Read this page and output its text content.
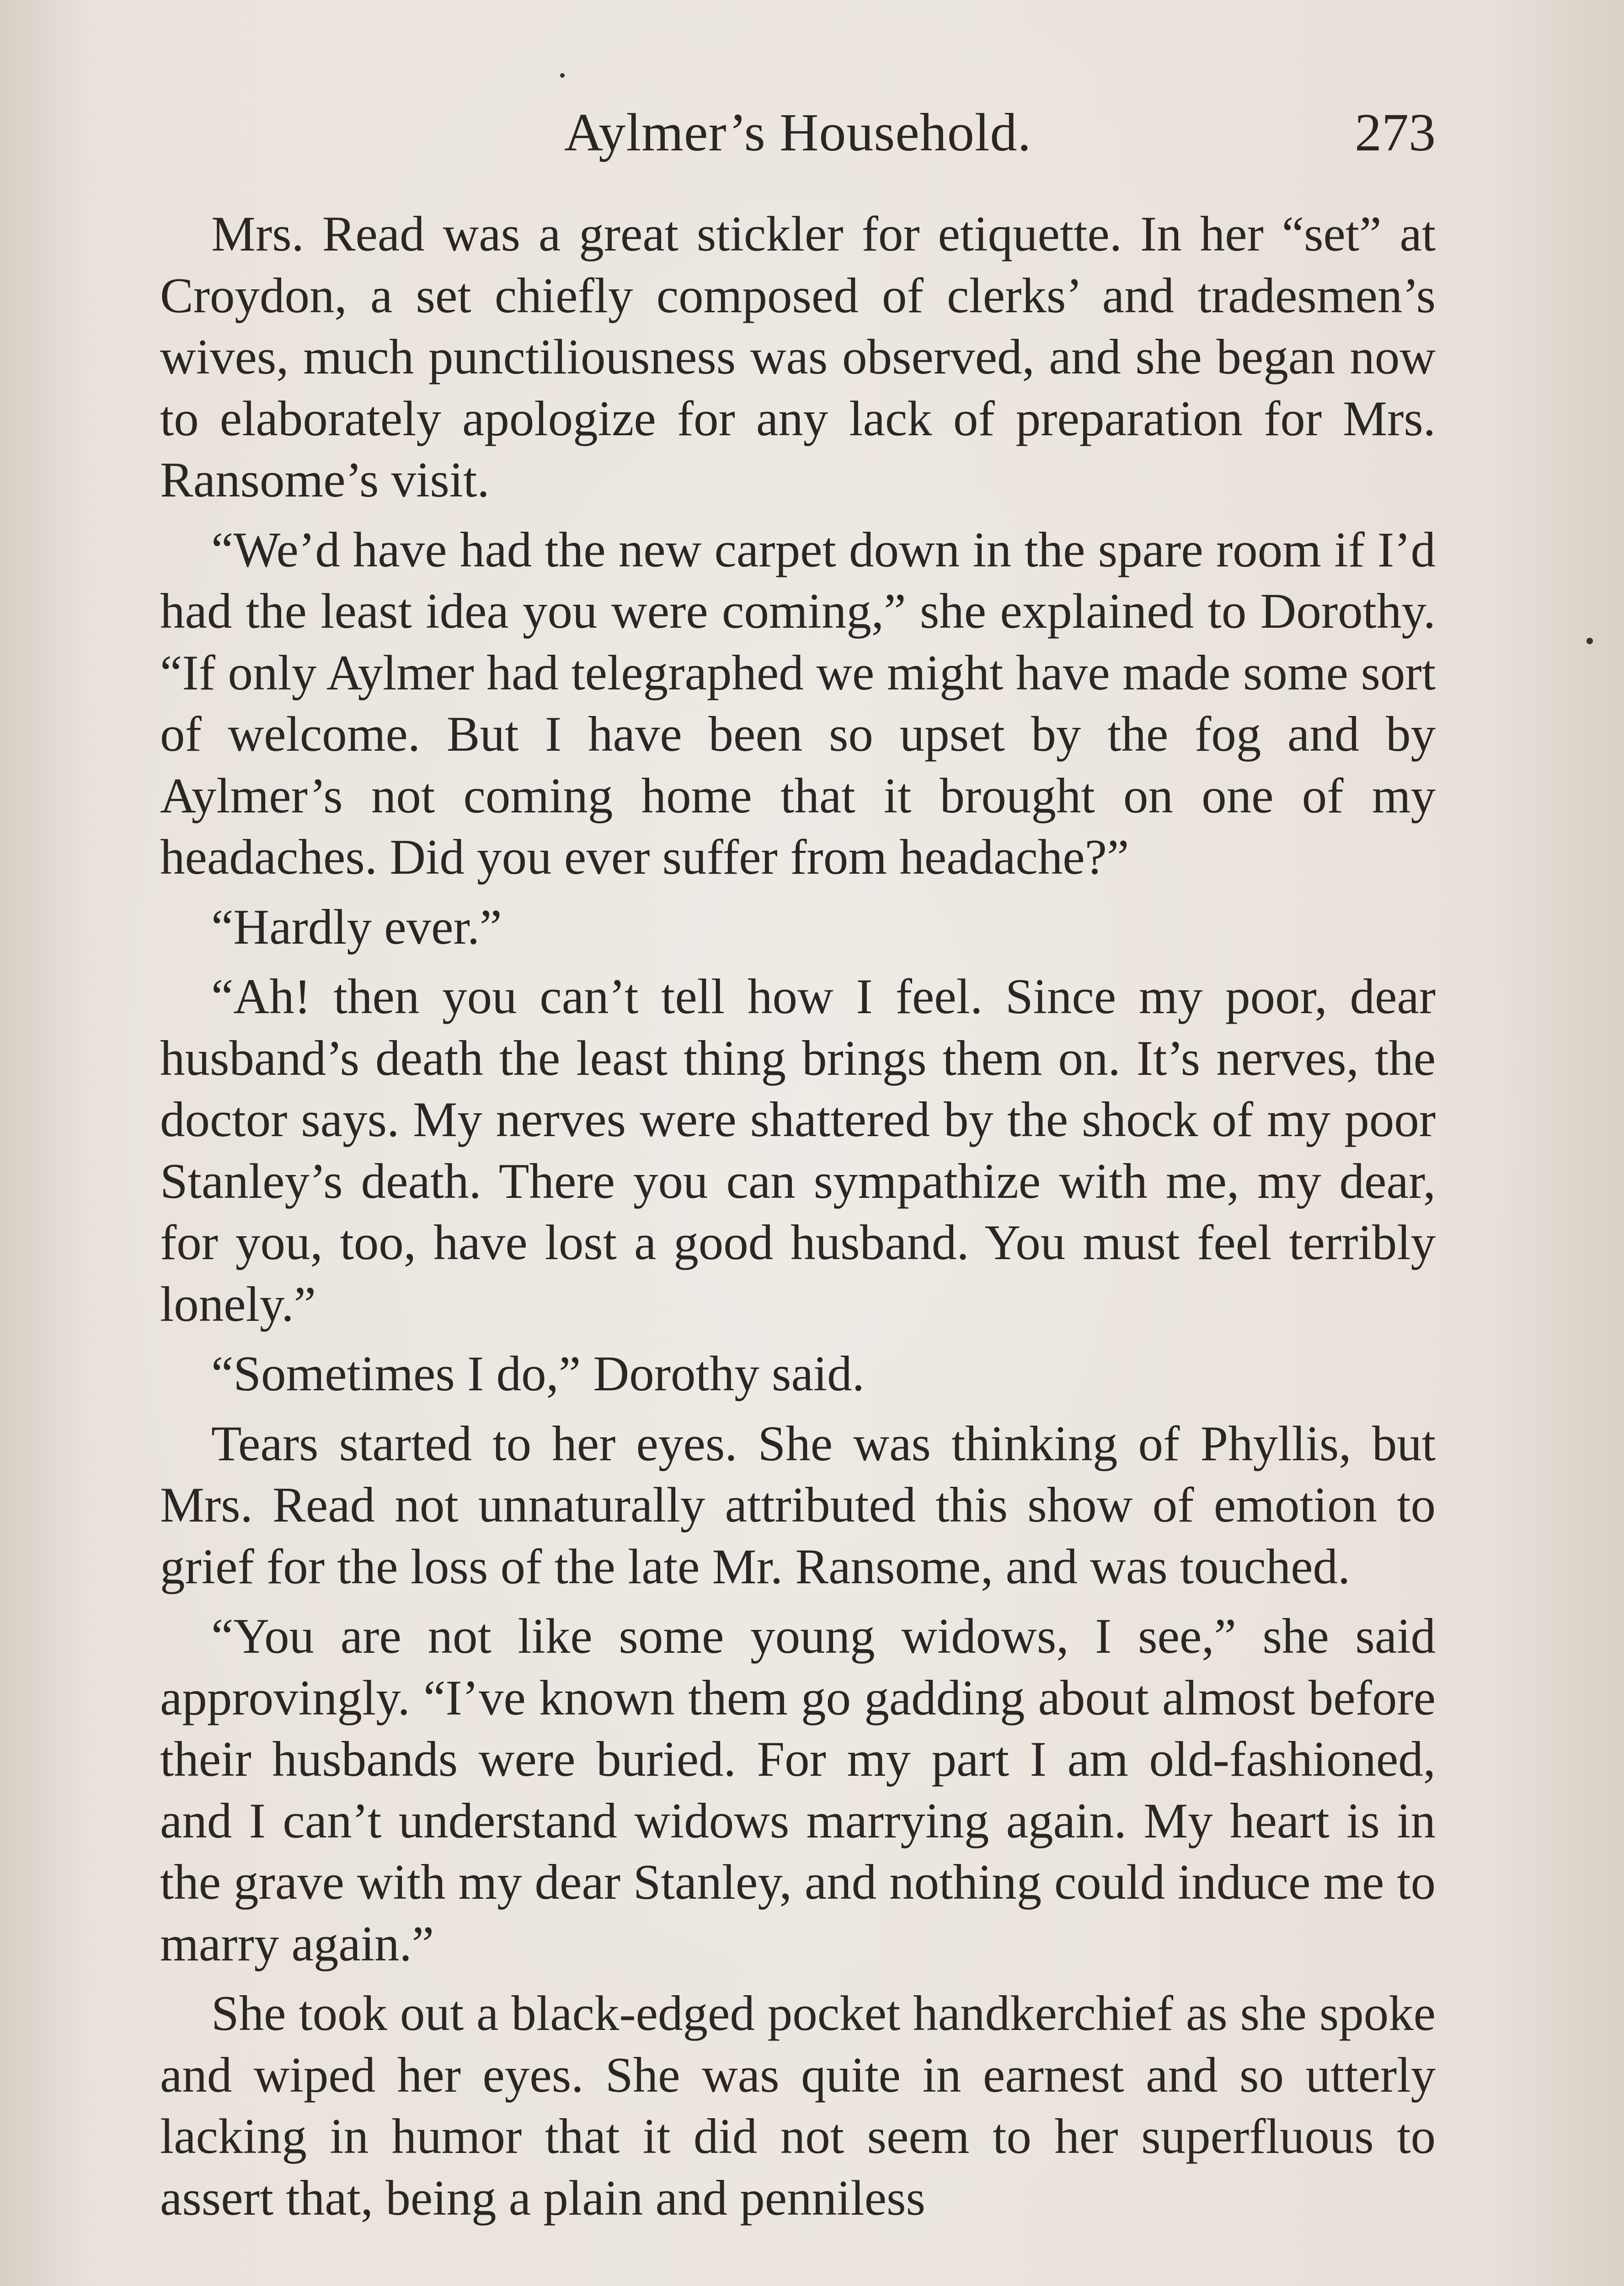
Aylmer’s Household.	273

Mrs. Read was a great stickler for etiquette. In her “set” at Croydon, a set chiefly composed of clerks’ and tradesmen’s wives, much punctiliousness was observed, and she began now to elaborately apologize for any lack of preparation for Mrs. Ransome’s visit.

“We’d have had the new carpet down in the spare room if I’d had the least idea you were coming,” she explained to Dorothy. “If only Aylmer had telegraphed we might have made some sort of welcome. But I have been so upset by the fog and by Aylmer’s not coming home that it brought on one of my headaches. Did you ever suffer from headache?”

“Hardly ever.”

“Ah! then you can’t tell how I feel. Since my poor, dear husband’s death the least thing brings them on. It’s nerves, the doctor says. My nerves were shattered by the shock of my poor Stanley’s death. There you can sympathize with me, my dear, for you, too, have lost a good husband. You must feel terribly lonely.”

“Sometimes I do,” Dorothy said.

Tears started to her eyes. She was thinking of Phyllis, but Mrs. Read not unnaturally attributed this show of emotion to grief for the loss of the late Mr. Ransome, and was touched.

“You are not like some young widows, I see,” she said approvingly. “I’ve known them go gadding about almost before their husbands were buried. For my part I am old-fashioned, and I can’t understand widows marrying again. My heart is in the grave with my dear Stanley, and nothing could induce me to marry again.”

She took out a black-edged pocket handkerchief as she spoke and wiped her eyes. She was quite in earnest and so utterly lacking in humor that it did not seem to her superfluous to assert that, being a plain and penniless
